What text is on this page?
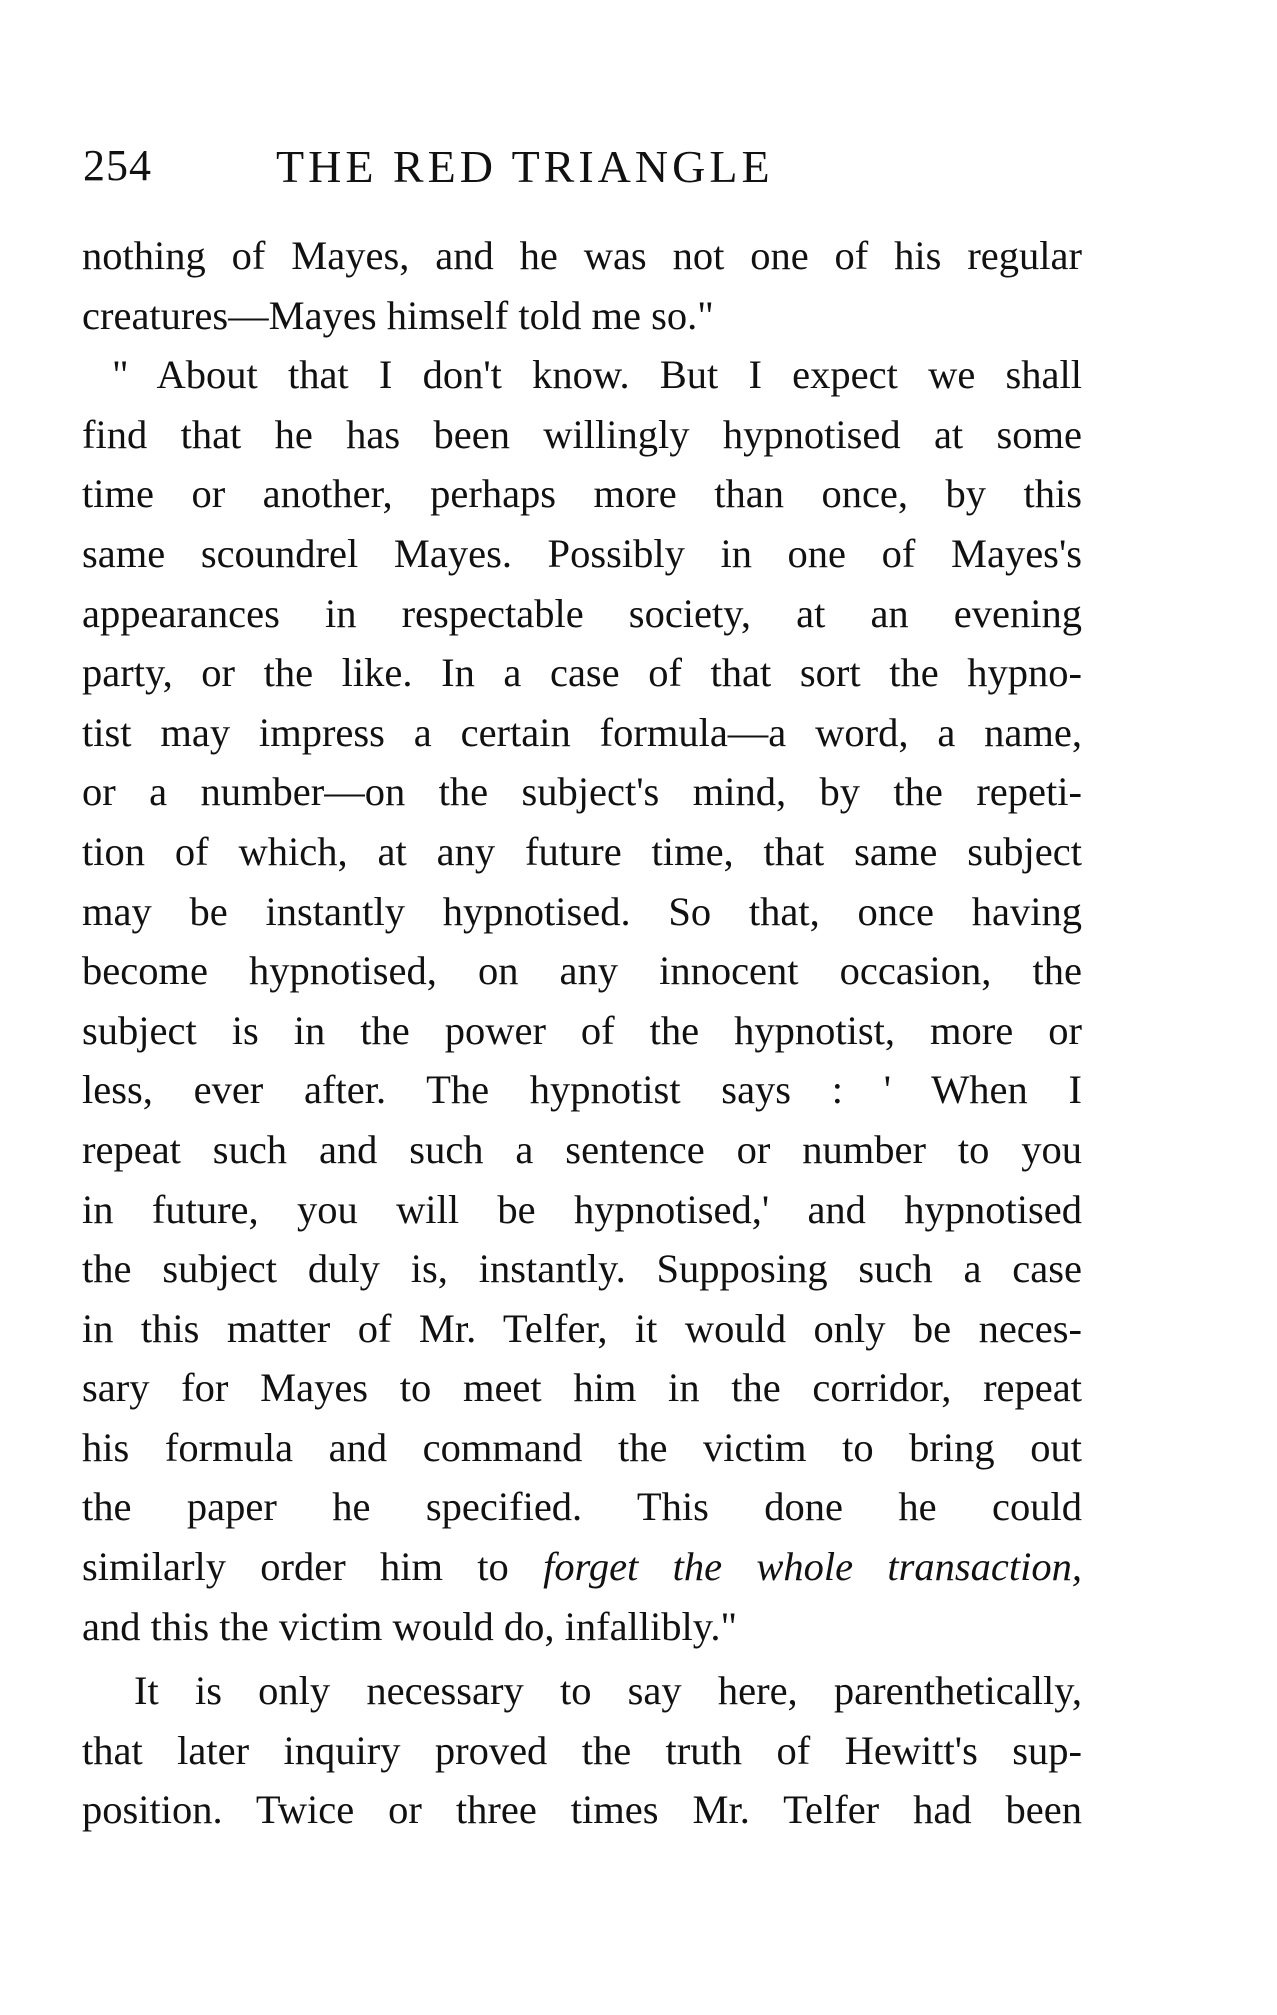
254	THE RED TRIANGLE
nothing of Mayes, and he was not one of his regular
creatures—Mayes himself told me so."
" About that I don't know. But I expect we shall
find that he has been willingly hypnotised at some
time or another, perhaps more than once, by this
same scoundrel Mayes. Possibly in one of Mayes's
appearances in respectable society, at an evening
party, or the like. In a case of that sort the hypno-
tist may impress a certain formula—a word, a name,
or a number—on the subject's mind, by the repeti-
tion of which, at any future time, that same subject
may be instantly hypnotised. So that, once having
become hypnotised, on any innocent occasion, the
subject is in the power of the hypnotist, more or
less, ever after. The hypnotist says : ' When I
repeat such and such a sentence or number to you
in future, you will be hypnotised,' and hypnotised
the subject duly is, instantly. Supposing such a case
in this matter of Mr. Telfer, it would only be neces-
sary for Mayes to meet him in the corridor, repeat
his formula and command the victim to bring out
the paper he specified. This done he could
similarly order him to forget the whole transaction,
and this the victim would do, infallibly."
It is only necessary to say here, parenthetically,
that later inquiry proved the truth of Hewitt's sup-
position. Twice or three times Mr. Telfer had been
